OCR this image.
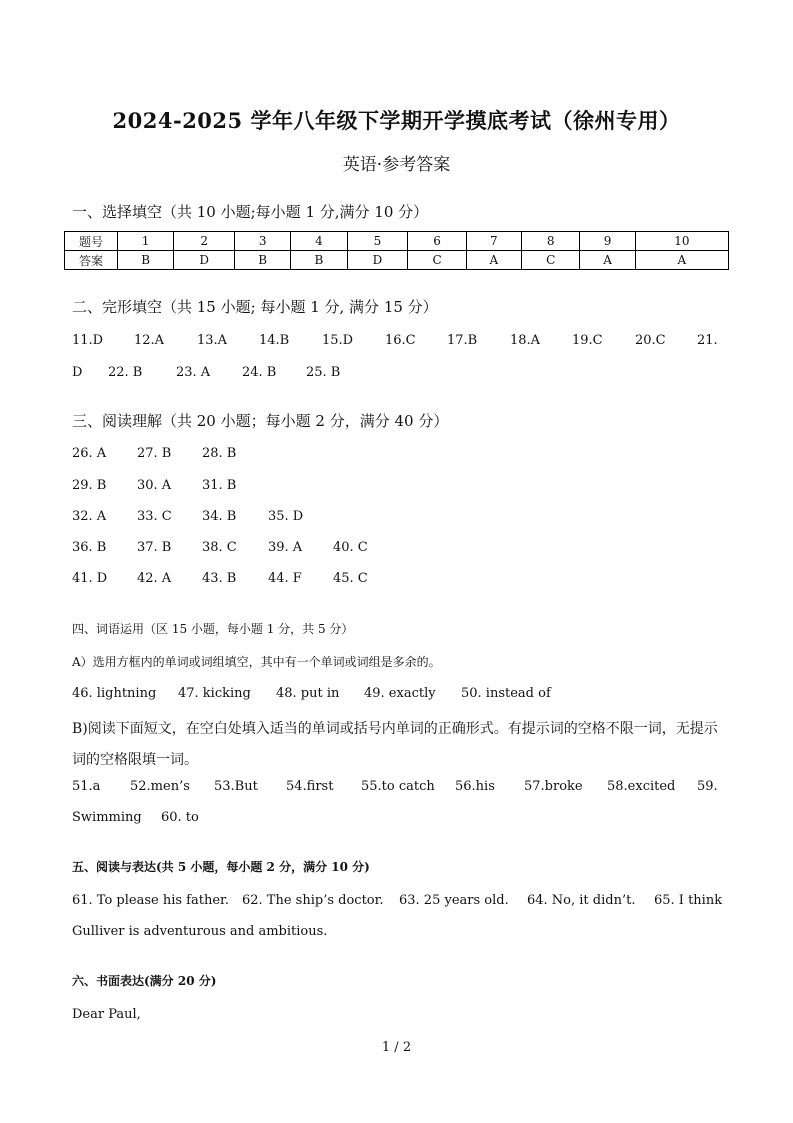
2024-2025 学年八年级下学期开学摸底考试（徐州专用）
英语·参考答案
一、选择填空（共 10 小题;每小题 1 分,满分 10 分）
题号	1	2	3	4	5	6	7	8	9	10
答案	B	D	B	B	D	C	A	C	A	A
二、完形填空（共 15 小题; 每小题 1 分, 满分 15 分）
11.D 12.A	13.A 14.B	15.D 16.C 17.B	18.A 19.C 20.C 21.
D 22. B	23. A 24. B 25. B
三、阅读理解（共 20 小题；每小题 2 分，满分 40 分）
26. A 27. B 28. B
29. B 30. A 31. B
32. A 33. C 34. B 35. D
36. B 37. B 38. C 39. A 40. C
41. D 42. A 43. B 44. F 45. C
四、词语运用（区 15 小题，每小题 1 分，共 5 分）
A）选用方框内的单词或词组填空，其中有一个单词或词组是多余的。
46. lightning 47. kicking 48. put in 49. exactly 50. instead of
B)阅读下面短文，在空白处填入适当的单词或括号内单词的正确形式。有提示词的空格不限一词，无提示词的空格限填一词。
51.a 52.men’s 53.But 54.first 55.to catch 56.his 57.broke 58.excited 59.
Swimming 60. to
五、阅读与表达(共 5 小题，每小题 2 分，满分 10 分)
61. To please his father. 62. The ship’s doctor. 63. 25 years old. 64. No, it didn’t. 65. I think
Gulliver is adventurous and ambitious.
六、书面表达(满分 20 分)
Dear Paul,
1 / 2
